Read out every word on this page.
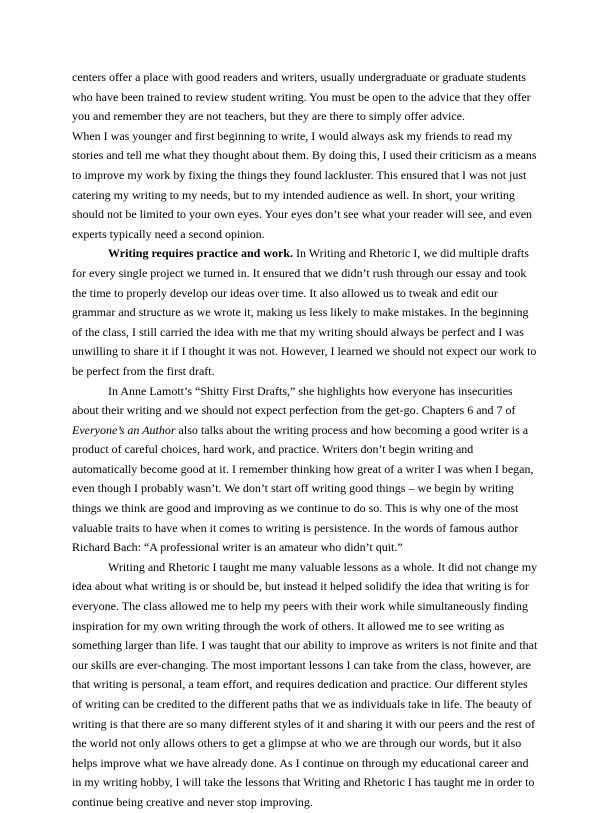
centers offer a place with good readers and writers, usually undergraduate or graduate students who have been trained to review student writing. You must be open to the advice that they offer you and remember they are not teachers, but they are there to simply offer advice.

When I was younger and first beginning to write, I would always ask my friends to read my stories and tell me what they thought about them. By doing this, I used their criticism as a means to improve my work by fixing the things they found lackluster. This ensured that I was not just catering my writing to my needs, but to my intended audience as well. In short, your writing should not be limited to your own eyes. Your eyes don’t see what your reader will see, and even experts typically need a second opinion.

Writing requires practice and work. In Writing and Rhetoric I, we did multiple drafts for every single project we turned in. It ensured that we didn’t rush through our essay and took the time to properly develop our ideas over time. It also allowed us to tweak and edit our grammar and structure as we wrote it, making us less likely to make mistakes. In the beginning of the class, I still carried the idea with me that my writing should always be perfect and I was unwilling to share it if I thought it was not. However, I learned we should not expect our work to be perfect from the first draft.

In Anne Lamott’s “Shitty First Drafts,” she highlights how everyone has insecurities about their writing and we should not expect perfection from the get-go. Chapters 6 and 7 of Everyone’s an Author also talks about the writing process and how becoming a good writer is a product of careful choices, hard work, and practice. Writers don’t begin writing and automatically become good at it. I remember thinking how great of a writer I was when I began, even though I probably wasn’t. We don’t start off writing good things – we begin by writing things we think are good and improving as we continue to do so. This is why one of the most valuable traits to have when it comes to writing is persistence. In the words of famous author Richard Bach: “A professional writer is an amateur who didn’t quit.”

Writing and Rhetoric I taught me many valuable lessons as a whole. It did not change my idea about what writing is or should be, but instead it helped solidify the idea that writing is for everyone. The class allowed me to help my peers with their work while simultaneously finding inspiration for my own writing through the work of others. It allowed me to see writing as something larger than life. I was taught that our ability to improve as writers is not finite and that our skills are ever-changing. The most important lessons I can take from the class, however, are that writing is personal, a team effort, and requires dedication and practice. Our different styles of writing can be credited to the different paths that we as individuals take in life. The beauty of writing is that there are so many different styles of it and sharing it with our peers and the rest of the world not only allows others to get a glimpse at who we are through our words, but it also helps improve what we have already done. As I continue on through my educational career and in my writing hobby, I will take the lessons that Writing and Rhetoric I has taught me in order to continue being creative and never stop improving.
